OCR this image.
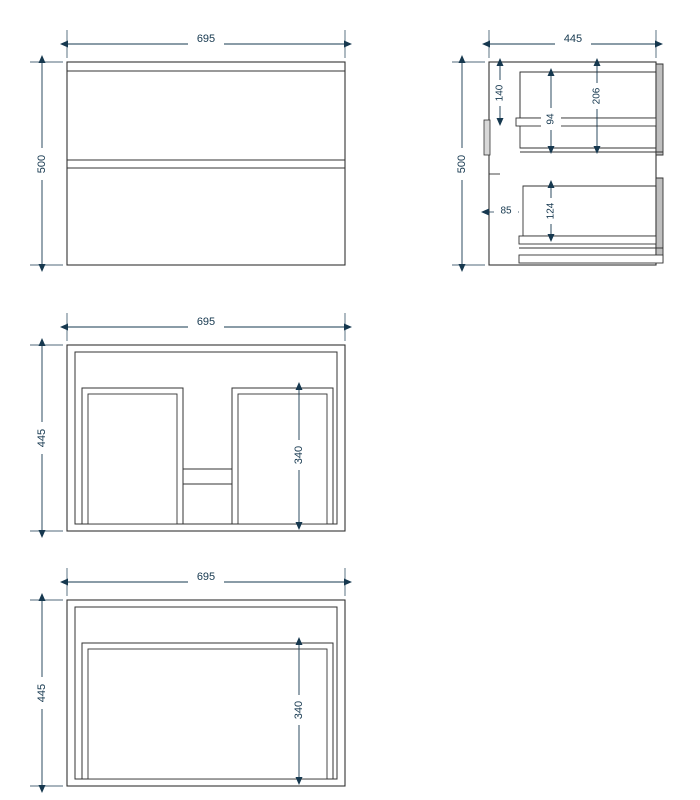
695
500
445
500
140	206
94
85	124
695
445
340
695
445
340
